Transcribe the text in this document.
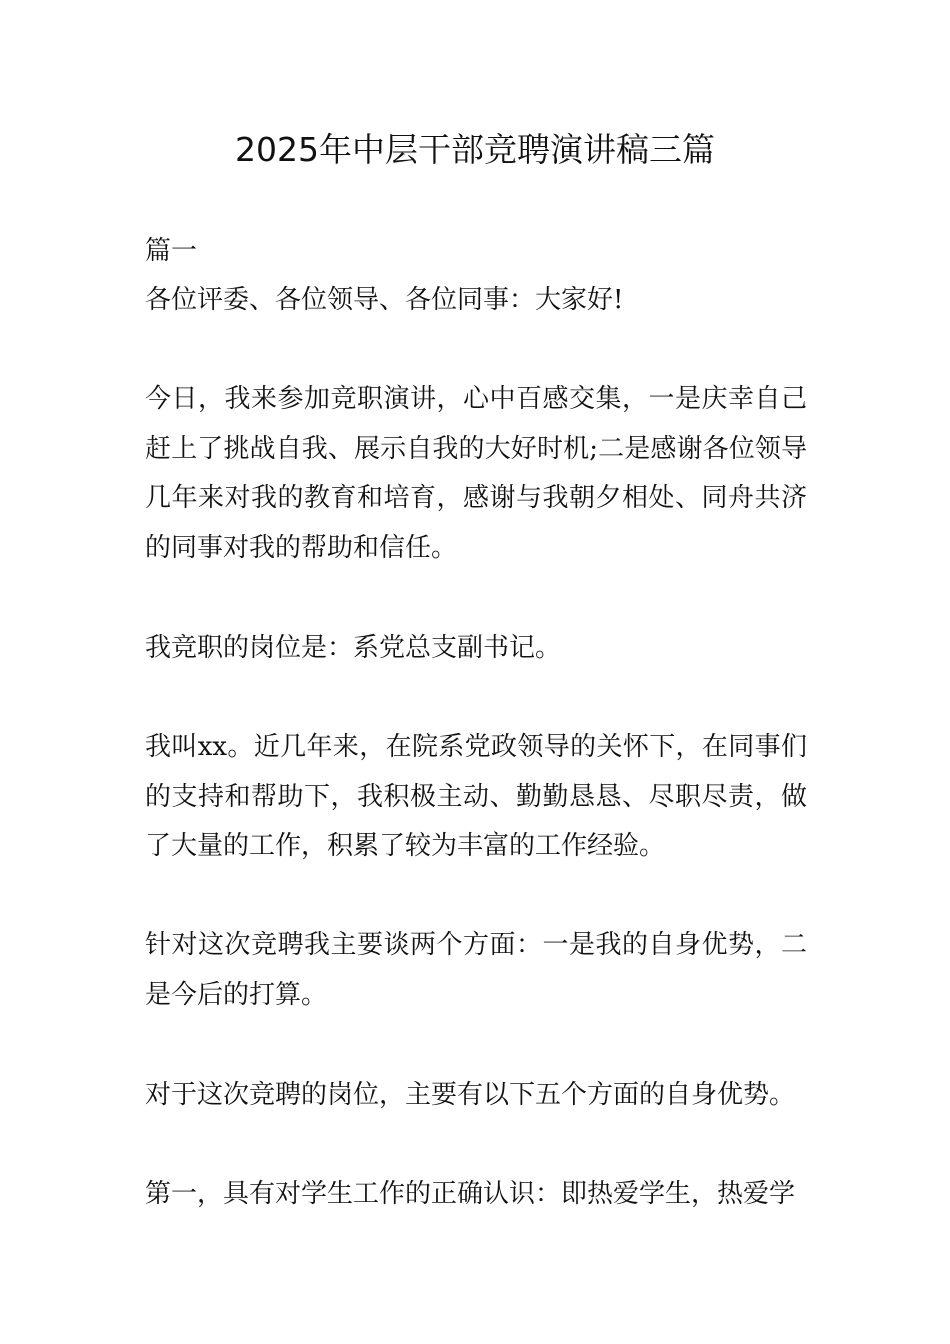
2025年中层干部竞聘演讲稿三篇

篇一

各位评委、各位领导、各位同事：大家好!

今日，我来参加竞职演讲，心中百感交集，一是庆幸自己赶上了挑战自我、展示自我的大好时机;二是感谢各位领导几年来对我的教育和培育，感谢与我朝夕相处、同舟共济的同事对我的帮助和信任。

我竞职的岗位是：系党总支副书记。

我叫xx。近几年来，在院系党政领导的关怀下，在同事们的支持和帮助下，我积极主动、勤勤恳恳、尽职尽责，做了大量的工作，积累了较为丰富的工作经验。

针对这次竞聘我主要谈两个方面：一是我的自身优势，二是今后的打算。

对于这次竞聘的岗位，主要有以下五个方面的自身优势。

第一，具有对学生工作的正确认识：即热爱学生，热爱学
